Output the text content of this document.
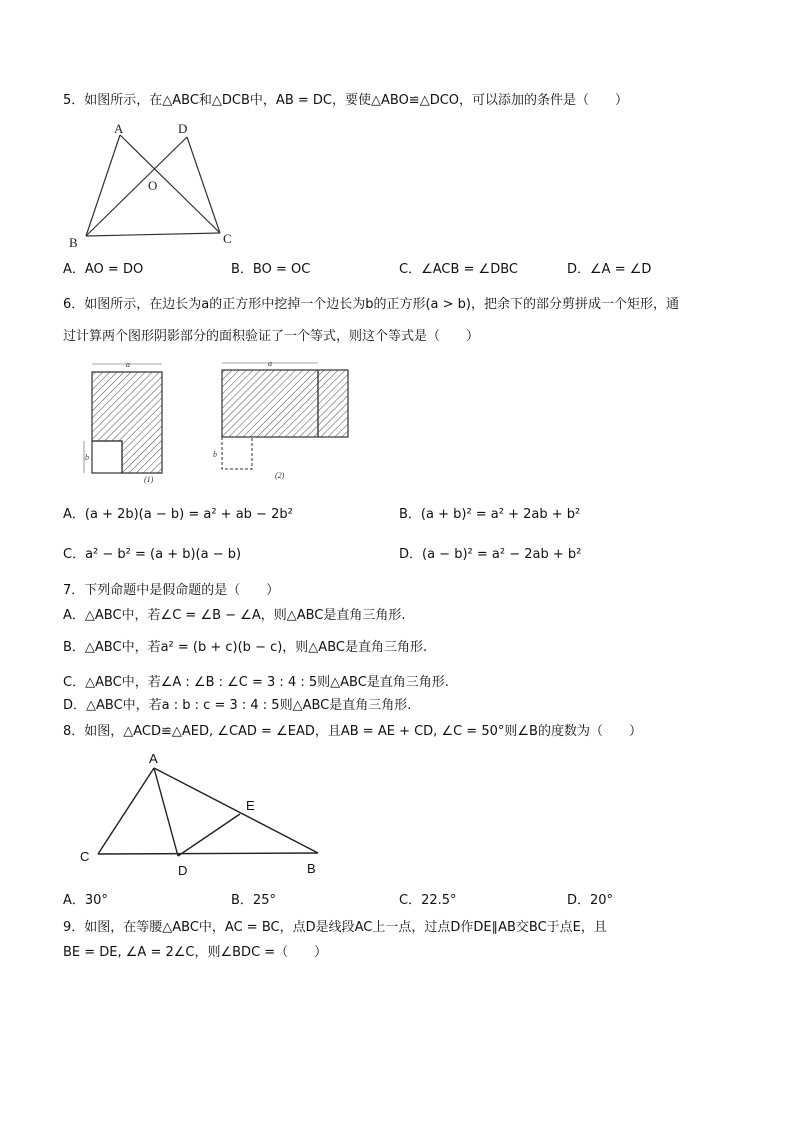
5．如图所示，在△ABC和△DCB中，AB = DC，要使△ABO≌△DCO，可以添加的条件是（　　）
A	D
O
B	C
A．AO = DO	B．BO = OC	C．∠ACB = ∠DBC	D．∠A = ∠D
6．如图所示，在边长为a的正方形中挖掉一个边长为b的正方形(a > b)，把余下的部分剪拼成一个矩形，通
过计算两个图形阴影部分的面积验证了一个等式，则这个等式是（　　）
a
b
(1)
a
b
(2)
A．(a + 2b)(a − b) = a² + ab − 2b²	B．(a + b)² = a² + 2ab + b²
C．a² − b² = (a + b)(a − b)	D．(a − b)² = a² − 2ab + b²
7．下列命题中是假命题的是（　　）
A．△ABC中，若∠C = ∠B − ∠A，则△ABC是直角三角形.
B．△ABC中，若a² = (b + c)(b − c)，则△ABC是直角三角形.
C．△ABC中，若∠A : ∠B : ∠C = 3 : 4 : 5则△ABC是直角三角形.
D．△ABC中，若a : b : c = 3 : 4 : 5则△ABC是直角三角形.
8．如图，△ACD≌△AED, ∠CAD = ∠EAD，且AB = AE + CD, ∠C = 50°则∠B的度数为（　　）
A
E
C
D	B
A．30°	B．25°	C．22.5°	D．20°
9．如图，在等腰△ABC中，AC = BC，点D是线段AC上一点，过点D作DE∥AB交BC于点E，且
BE = DE, ∠A = 2∠C，则∠BDC =（　　）
